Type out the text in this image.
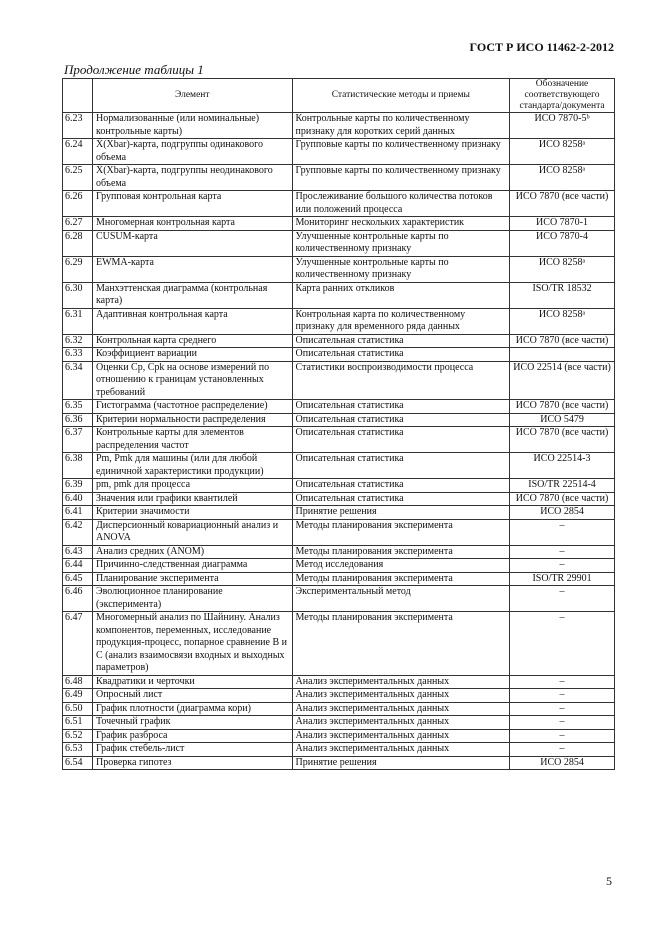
ГОСТ Р ИСО 11462-2-2012
Продолжение таблицы 1
	Элемент	Статистические методы и приемы	Обозначение соответствующего стандарта/документа
6.23	Нормализованные (или номинальные) контрольные карты)	Контрольные карты по количественному признаку для коротких серий данных	ИСО 7870-5ᵇ
6.24	X̄(Xbar)-карта, подгруппы одинакового объема	Групповые карты по количественному признаку	ИСО 8258ᵃ
6.25	X̄(Xbar)-карта, подгруппы неодинакового объема	Групповые карты по количественному признаку	ИСО 8258ᵃ
6.26	Групповая контрольная карта	Прослеживание большого количества потоков или положений процесса	ИСО 7870 (все части)
6.27	Многомерная контрольная карта	Мониторинг нескольких характеристик	ИСО 7870-1
6.28	CUSUM-карта	Улучшенные контрольные карты по количественному признаку	ИСО 7870-4
6.29	EWMA-карта	Улучшенные контрольные карты по количественному признаку	ИСО 8258ᵃ
6.30	Манхэттенская диаграмма (контрольная карта)	Карта ранних откликов	ISO/TR 18532
6.31	Адаптивная контрольная карта	Контрольная карта по количественному признаку для временного ряда данных	ИСО 8258ᵃ
6.32	Контрольная карта среднего	Описательная статистика	ИСО 7870 (все части)
6.33	Коэффициент вариации	Описательная статистика	
6.34	Оценки Cp, Cpk на основе измерений по отношению к границам установленных требований	Статистики воспроизводимости процесса	ИСО 22514 (все части)
6.35	Гистограмма (частотное распределение)	Описательная статистика	ИСО 7870 (все части)
6.36	Критерии нормальности распределения	Описательная статистика	ИСО 5479
6.37	Контрольные карты для элементов распределения частот	Описательная статистика	ИСО 7870 (все части)
6.38	Pm, Pmk для машины (или для любой единичной характеристики продукции)	Описательная статистика	ИСО 22514-3
6.39	pm, pmk для процесса	Описательная статистика	ISO/TR 22514-4
6.40	Значения или графики квантилей	Описательная статистика	ИСО 7870 (все части)
6.41	Критерии значимости	Принятие решения	ИСО 2854
6.42	Дисперсионный ковариационный анализ и ANOVA	Методы планирования эксперимента	–
6.43	Анализ средних (ANOM)	Методы планирования эксперимента	–
6.44	Причинно-следственная диаграмма	Метод исследования	–
6.45	Планирование эксперимента	Методы планирования эксперимента	ISO/TR 29901
6.46	Эволюционное планирование (эксперимента)	Экспериментальный метод	–
6.47	Многомерный анализ по Шайнину. Анализ компонентов, переменных, исследование продукция-процесс, попарное сравнение B и C (анализ взаимосвязи входных и выходных параметров)	Методы планирования эксперимента	–
6.48	Квадратики и черточки	Анализ экспериментальных данных	–
6.49	Опросный лист	Анализ экспериментальных данных	–
6.50	График плотности (диаграмма кори)	Анализ экспериментальных данных	–
6.51	Точечный график	Анализ экспериментальных данных	–
6.52	График разброса	Анализ экспериментальных данных	–
6.53	График стебель-лист	Анализ экспериментальных данных	–
6.54	Проверка гипотез	Принятие решения	ИСО 2854
5
